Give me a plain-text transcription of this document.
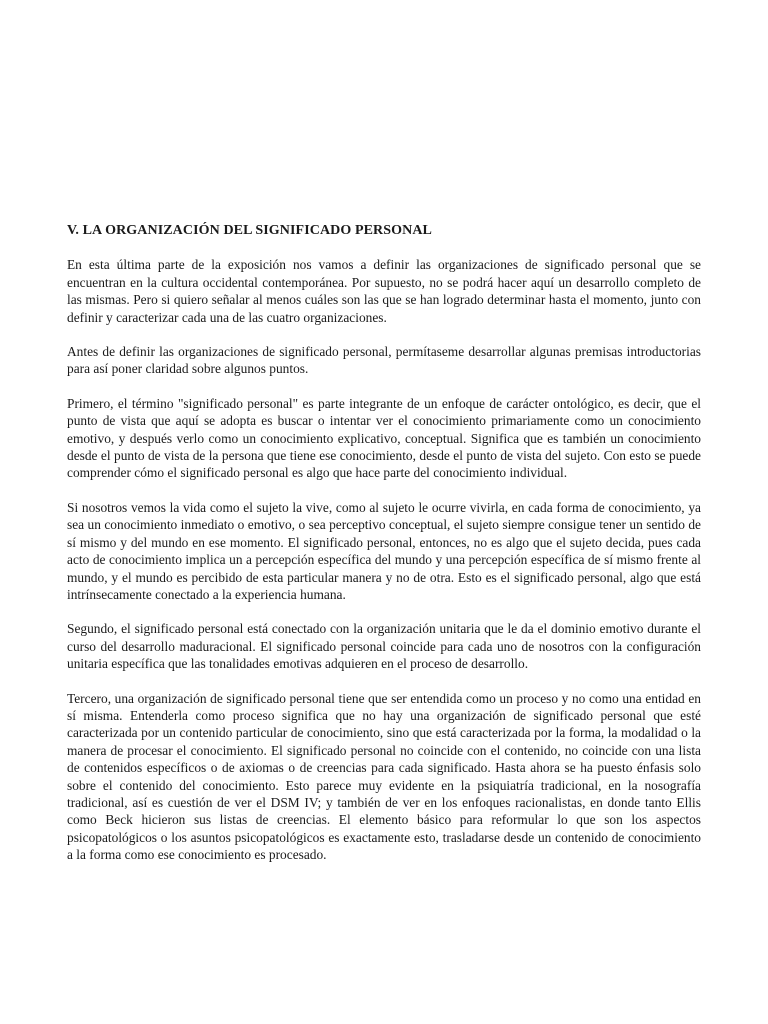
V. LA ORGANIZACIÓN DEL SIGNIFICADO PERSONAL

En esta última parte de la exposición nos vamos a definir las organizaciones de significado personal que se encuentran en la cultura occidental contemporánea. Por supuesto, no se podrá hacer aquí un desarrollo completo de las mismas. Pero si quiero señalar al menos cuáles son las que se han logrado determinar hasta el momento, junto con definir y caracterizar cada una de las cuatro organizaciones.

Antes de definir las organizaciones de significado personal, permítaseme desarrollar algunas premisas introductorias para así poner claridad sobre algunos puntos.

Primero, el término "significado personal" es parte integrante de un enfoque de carácter ontológico, es decir, que el punto de vista que aquí se adopta es buscar o intentar ver el conocimiento primariamente como un conocimiento emotivo, y después verlo como un conocimiento explicativo, conceptual. Significa que es también un conocimiento desde el punto de vista de la persona que tiene ese conocimiento, desde el punto de vista del sujeto. Con esto se puede comprender cómo el significado personal es algo que hace parte del conocimiento individual.

Si nosotros vemos la vida como el sujeto la vive, como al sujeto le ocurre vivirla, en cada forma de conocimiento, ya sea un conocimiento inmediato o emotivo, o sea perceptivo conceptual, el sujeto siempre consigue tener un sentido de sí mismo y del mundo en ese momento. El significado personal, entonces, no es algo que el sujeto decida, pues cada acto de conocimiento implica un a percepción específica del mundo y una percepción específica de sí mismo frente al mundo, y el mundo es percibido de esta particular manera y no de otra. Esto es el significado personal, algo que está intrínsecamente conectado a la experiencia humana.

Segundo, el significado personal está conectado con la organización unitaria que le da el dominio emotivo durante el curso del desarrollo maduracional. El significado personal coincide para cada uno de nosotros con la configuración unitaria específica que las tonalidades emotivas adquieren en el proceso de desarrollo.

Tercero, una organización de significado personal tiene que ser entendida como un proceso y no como una entidad en sí misma. Entenderla como proceso significa que no hay una organización de significado personal que esté caracterizada por un contenido particular de conocimiento, sino que está caracterizada por la forma, la modalidad o la manera de procesar el conocimiento. El significado personal no coincide con el contenido, no coincide con una lista de contenidos específicos o de axiomas o de creencias para cada significado. Hasta ahora se ha puesto énfasis solo sobre el contenido del conocimiento. Esto parece muy evidente en la psiquiatría tradicional, en la nosografía tradicional, así es cuestión de ver el DSM IV; y también de ver en los enfoques racionalistas, en donde tanto Ellis como Beck hicieron sus listas de creencias. El elemento básico para reformular lo que son los aspectos psicopatológicos o los asuntos psicopatológicos es exactamente esto, trasladarse desde un contenido de conocimiento a la forma como ese conocimiento es procesado.
